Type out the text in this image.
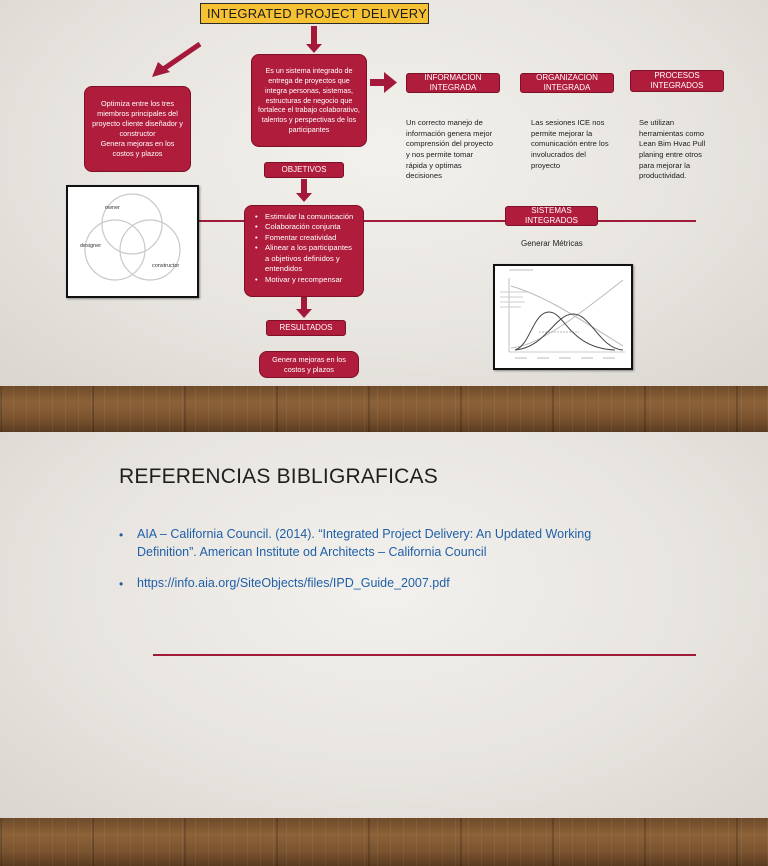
INTEGRATED PROJECT DELIVERY
Optimiza entre los tres miembros principales del proyecto cliente diseñador y constructor
Genera mejoras en los costos y plazos
Es un sistema integrado de entrega de proyectos que integra personas, sistemas, estructuras de negocio que fortalece el trabajo colaborativo, talentos y perspectivas de los participantes
INFORMACION INTEGRADA
ORGANIZACION INTEGRADA
PROCESOS INTEGRADOS
Un correcto manejo de información genera mejor comprensión del proyecto y nos permite tomar rápida y optimas decisiones
Las sesiones ICE nos permite mejorar la comunicación entre los involucrados del proyecto
Se utilizan herramientas como Lean Bim Hvac Pull planing entre otros para mejorar la productividad.
OBJETIVOS
• Estimular la comunicación
• Colaboración conjunta
• Fomentar creatividad
• Alinear a los participantes a objetivos definidos y entendidos
• Motivar y recompensar
RESULTADOS
Genera mejoras en los costos y plazos
SISTEMAS INTEGRADOS
Generar Métricas
owner
designer
constructor
REFERENCIAS BIBLIGRAFICAS
• AIA – California Council. (2014). “Integrated Project Delivery: An Updated Working Definition”. American Institute od Architects – California Council
• https://info.aia.org/SiteObjects/files/IPD_Guide_2007.pdf
